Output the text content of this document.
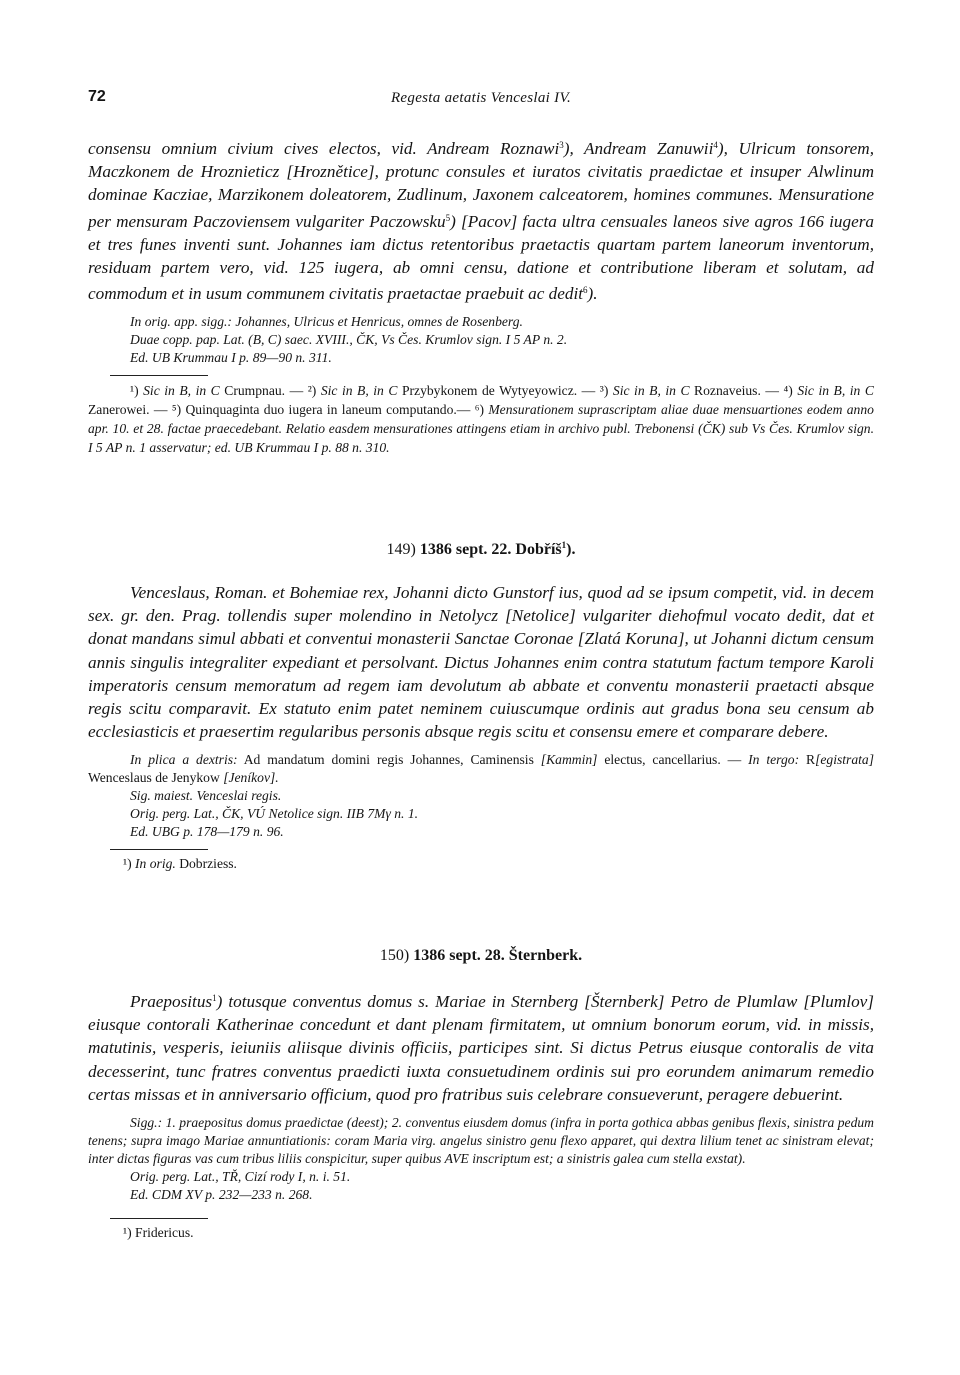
72	Regesta aetatis Venceslai IV.

consensu omnium civium cives electos, vid. Andream Roznawi$^3$), Andream Zanuwii$^4$), Ulricum tonsorem, Maczkonem de Hroznieticz [Hroznětice], protunc consules et iuratos civitatis praedictae et insuper Alwlinum dominae Kacziae, Marzikonem doleatorem, Zudlinum, Jaxonem calceatorem, homines communes. Mensuratione per mensuram Paczoviensem vulgariter Paczowsku$^5$) [Pacov] facta ultra censuales laneos sive agros 166 iugera et tres funes inventi sunt. Johannes iam dictus retentoribus praetactis quartam partem laneorum inventorum, residuam partem vero, vid. 125 iugera, ab omni censu, datione et contributione liberam et solutam, ad commodum et in usum communem civitatis praetactae praebuit ac dedit$^6$).

In orig. app. sigg.: Johannes, Ulricus et Henricus, omnes de Rosenberg.
Duae copp. pap. Lat. (B, C) saec. XVIII., ČK, Vs Čes. Krumlov sign. I 5 AP n. 2.
Ed. UB Krummau I p. 89—90 n. 311.

¹) Sic in B, in C Crumpnau. — ²) Sic in B, in C Przybykonem de Wytyeyowicz. — ³) Sic in B, in C Roznaveius. — ⁴) Sic in B, in C Zanerowei. — ⁵) Quinquaginta duo iugera in laneum computando.— ⁶) Mensurationem suprascriptam aliae duae mensuartiones eodem anno apr. 10. et 28. factae praecedebant. Relatio easdem mensurationes attingens etiam in archivo publ. Trebonensi (ČK) sub Vs Čes. Krumlov sign. I 5 AP n. 1 asservatur; ed. UB Krummau I p. 88 n. 310.

149) 1386 sept. 22. Dobříš$^1$).

Venceslaus, Roman. et Bohemiae rex, Johanni dicto Gunstorf ius, quod ad se ipsum competit, vid. in decem sex. gr. den. Prag. tollendis super molendino in Netolycz [Netolice] vulgariter diehofmul vocato dedit, dat et donat mandans simul abbati et conventui monasterii Sanctae Coronae [Zlatá Koruna], ut Johanni dictum censum annis singulis integraliter expediant et persolvant. Dictus Johannes enim contra statutum factum tempore Karoli imperatoris censum memoratum ad regem iam devolutum ab abbate et conventu monasterii praetacti absque regis scitu comparavit. Ex statuto enim patet neminem cuiuscumque ordinis aut gradus bona seu censum ab ecclesiasticis et praesertim regularibus personis absque regis scitu et consensu emere et comparare debere.

In plica a dextris: Ad mandatum domini regis Johannes, Caminensis [Kammin] electus, cancellarius. — In tergo: R[egistrata] Wenceslaus de Jenykow [Jeníkov].

Sig. maiest. Venceslai regis.
Orig. perg. Lat., ČK, VÚ Netolice sign. IIB 7Mγ n. 1.
Ed. UBG p. 178—179 n. 96.

¹) In orig. Dobrziess.

150) 1386 sept. 28. Šternberk.

Praepositus$^1$) totusque conventus domus s. Mariae in Sternberg [Šternberk] Petro de Plumlaw [Plumlov] eiusque contorali Katherinae concedunt et dant plenam firmitatem, ut omnium bonorum eorum, vid. in missis, matutinis, vesperis, ieiuniis aliisque divinis officiis, participes sint. Si dictus Petrus eiusque contoralis de vita decesserint, tunc fratres conventus praedicti iuxta consuetudinem ordinis sui pro eorundem animarum remedio certas missas et in anniversario officium, quod pro fratribus suis celebrare consueverunt, peragere debuerint.

Sigg.: 1. praepositus domus praedictae (deest); 2. conventus eiusdem domus (infra in porta gothica abbas genibus flexis, sinistra pedum tenens; supra imago Mariae annuntiationis: coram Maria virg. angelus sinistro genu flexo apparet, qui dextra lilium tenet ac sinistram elevat; inter dictas figuras vas cum tribus liliis conspicitur, super quibus AVE inscriptum est; a sinistris galea cum stella exstat).

Orig. perg. Lat., TŘ, Cizí rody I, n. i. 51.
Ed. CDM XV p. 232—233 n. 268.

¹) Fridericus.
